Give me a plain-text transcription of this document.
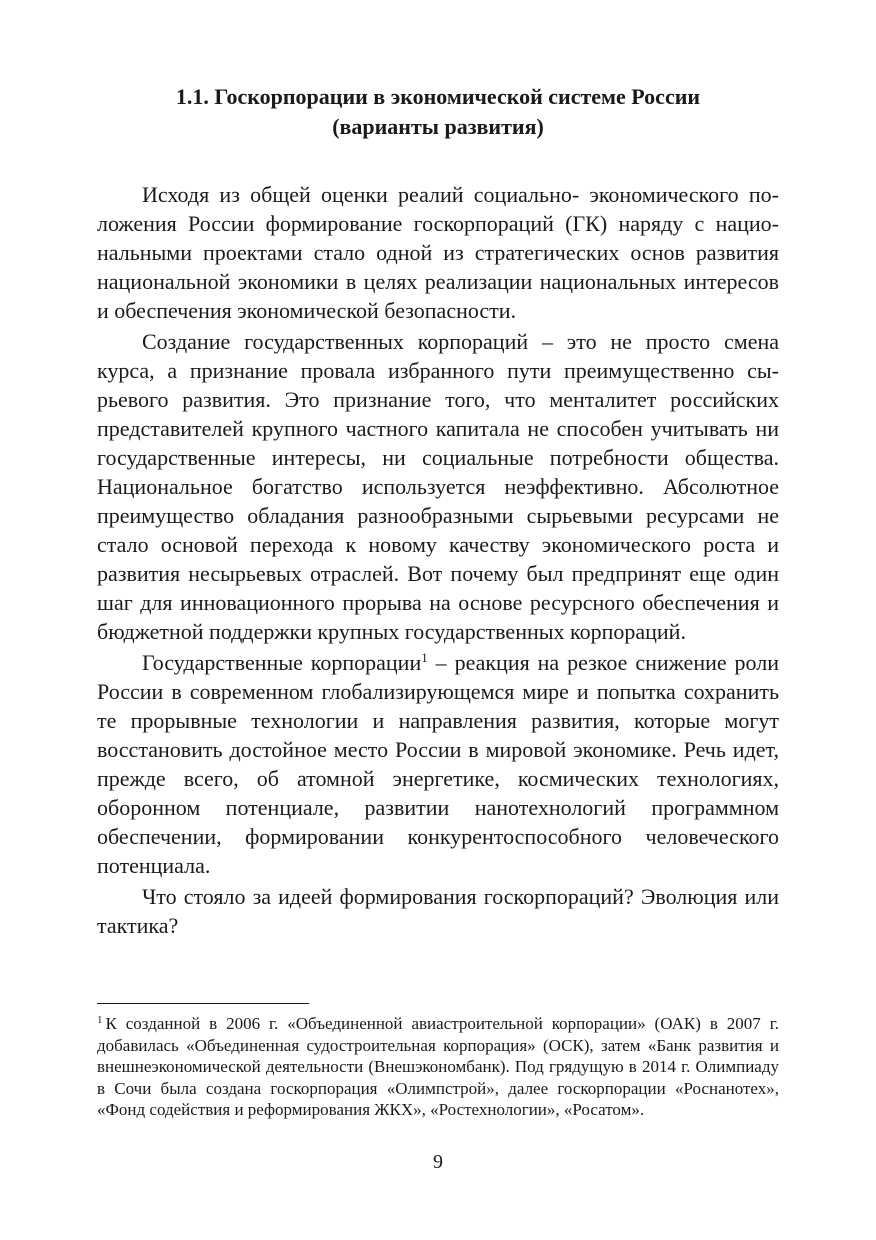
1.1. Госкорпорации в экономической системе России
(варианты развития)

Исходя из общей оценки реалий социально- экономического положения России формирование госкорпораций (ГК) наряду с национальными проектами стало одной из стратегических основ развития национальной экономики в целях реализации национальных интересов и обеспечения экономической безопасности.

Создание государственных корпораций – это не просто смена курса, а признание провала избранного пути преимущественно сырьевого развития. Это признание того, что менталитет российских представителей крупного частного капитала не способен учитывать ни государственные интересы, ни социальные потребности общества. Национальное богатство используется неэффективно. Абсолютное преимущество обладания разнообразными сырьевыми ресурсами не стало основой перехода к новому качеству экономического роста и развития несырьевых отраслей. Вот почему был предпринят еще один шаг для инновационного прорыва на основе ресурсного обеспечения и бюджетной поддержки крупных государственных корпораций.

Государственные корпорации$^1$ – реакция на резкое снижение роли России в современном глобализирующемся мире и попытка сохранить те прорывные технологии и направления развития, которые могут восстановить достойное место России в мировой экономике. Речь идет, прежде всего, об атомной энергетике, космических технологиях, оборонном потенциале, развитии нанотехнологий программном обеспечении, формировании конкурентоспособного человеческого потенциала.

Что стояло за идеей формирования госкорпораций? Эволюция или тактика?

$^1$ К созданной в 2006 г. «Объединенной авиастроительной корпорации» (ОАК) в 2007 г. добавилась «Объединенная судостроительная корпорация» (ОСК), затем «Банк развития и внешнеэкономической деятельности (Внешэкономбанк). Под грядущую в 2014 г. Олимпиаду в Сочи была создана госкорпорация «Олимпстрой», далее госкорпорации «Роснанотех», «Фонд содействия и реформирования ЖКХ», «Ростехнологии», «Росатом».
9
